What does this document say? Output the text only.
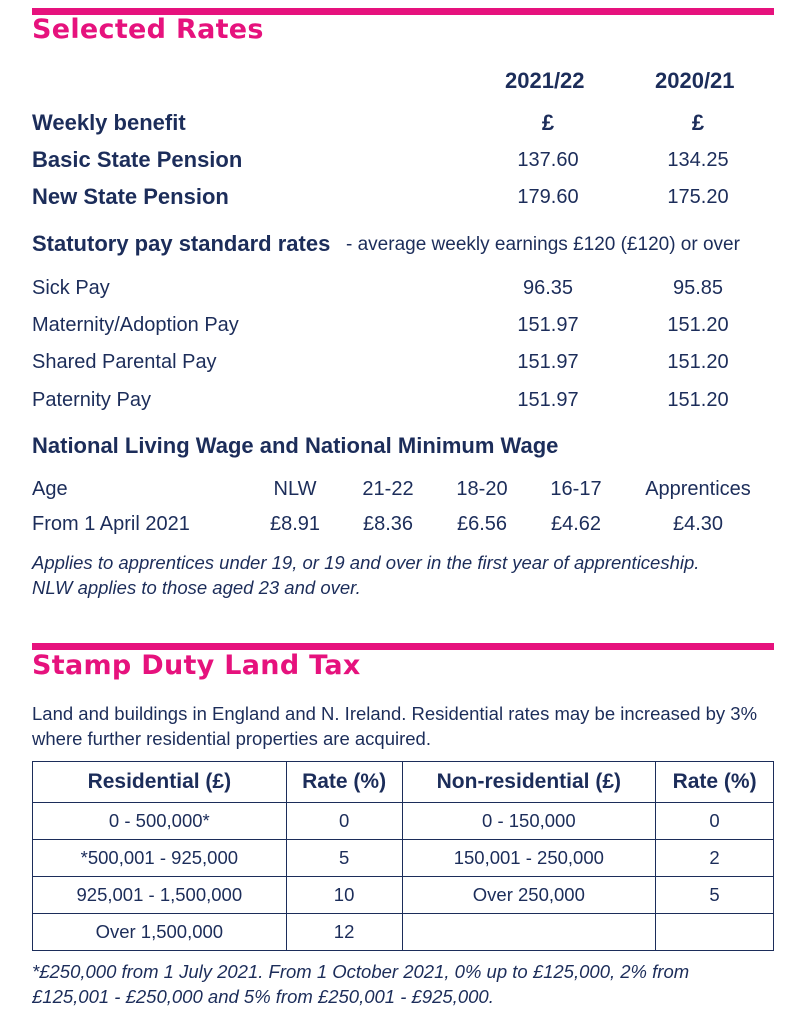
Selected Rates
2021/22	2020/21
Weekly benefit	£	£
Basic State Pension	137.60	134.25
New State Pension	179.60	175.20
Statutory pay standard rates - average weekly earnings £120 (£120) or over
Sick Pay	96.35	95.85
Maternity/Adoption Pay	151.97	151.20
Shared Parental Pay	151.97	151.20
Paternity Pay	151.97	151.20
National Living Wage and National Minimum Wage
Age	NLW	21-22	18-20	16-17	Apprentices
From 1 April 2021	£8.91	£8.36	£6.56	£4.62	£4.30
Applies to apprentices under 19, or 19 and over in the first year of apprenticeship.
NLW applies to those aged 23 and over.
Stamp Duty Land Tax
Land and buildings in England and N. Ireland. Residential rates may be increased by 3%
where further residential properties are acquired.
Residential (£)	Rate (%)	Non-residential (£)	Rate (%)
0 - 500,000*	0	0 - 150,000	0
*500,001 - 925,000	5	150,001 - 250,000	2
925,001 - 1,500,000	10	Over 250,000	5
Over 1,500,000	12		
*£250,000 from 1 July 2021. From 1 October 2021, 0% up to £125,000, 2% from
£125,001 - £250,000 and 5% from £250,001 - £925,000.
